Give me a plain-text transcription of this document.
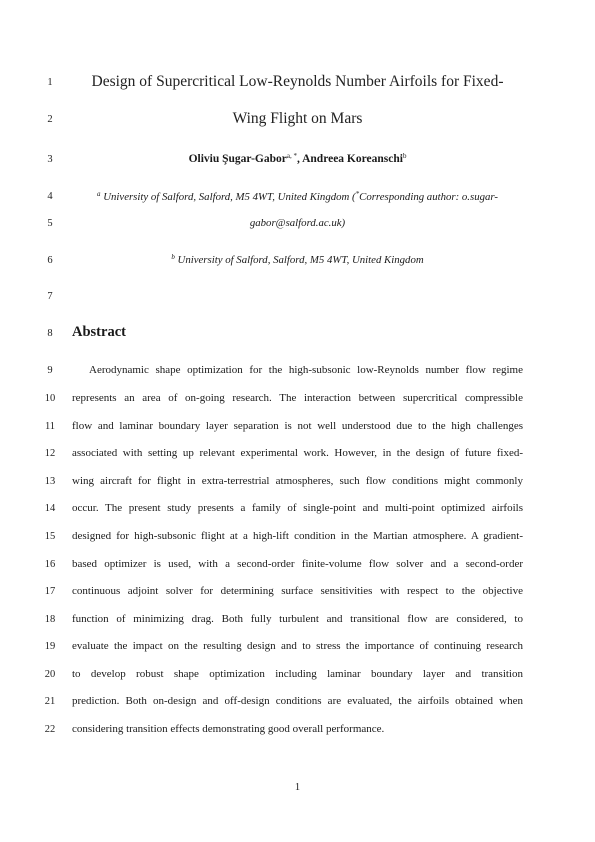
1
2
3
4
5
6
7
8
9
10
11
12
13
14
15
16
17
18
19
20
21
22
Design of Supercritical Low-Reynolds Number Airfoils for Fixed-
Wing Flight on Mars
Oliviu Şugar-Gabor$^{a, *}$, Andreea Koreanschi$^b$
$^a$ University of Salford, Salford, M5 4WT, United Kingdom (*Corresponding author: o.sugar-
gabor@salford.ac.uk)
$^b$ University of Salford, Salford, M5 4WT, United Kingdom
Abstract
Aerodynamic shape optimization for the high-subsonic low-Reynolds number flow regime
represents an area of on-going research. The interaction between supercritical compressible
flow and laminar boundary layer separation is not well understood due to the high challenges
associated with setting up relevant experimental work. However, in the design of future fixed-
wing aircraft for flight in extra-terrestrial atmospheres, such flow conditions might commonly
occur. The present study presents a family of single-point and multi-point optimized airfoils
designed for high-subsonic flight at a high-lift condition in the Martian atmosphere. A gradient-
based optimizer is used, with a second-order finite-volume flow solver and a second-order
continuous adjoint solver for determining surface sensitivities with respect to the objective
function of minimizing drag. Both fully turbulent and transitional flow are considered, to
evaluate the impact on the resulting design and to stress the importance of continuing research
to develop robust shape optimization including laminar boundary layer and transition
prediction. Both on-design and off-design conditions are evaluated, the airfoils obtained when
considering transition effects demonstrating good overall performance.
1
